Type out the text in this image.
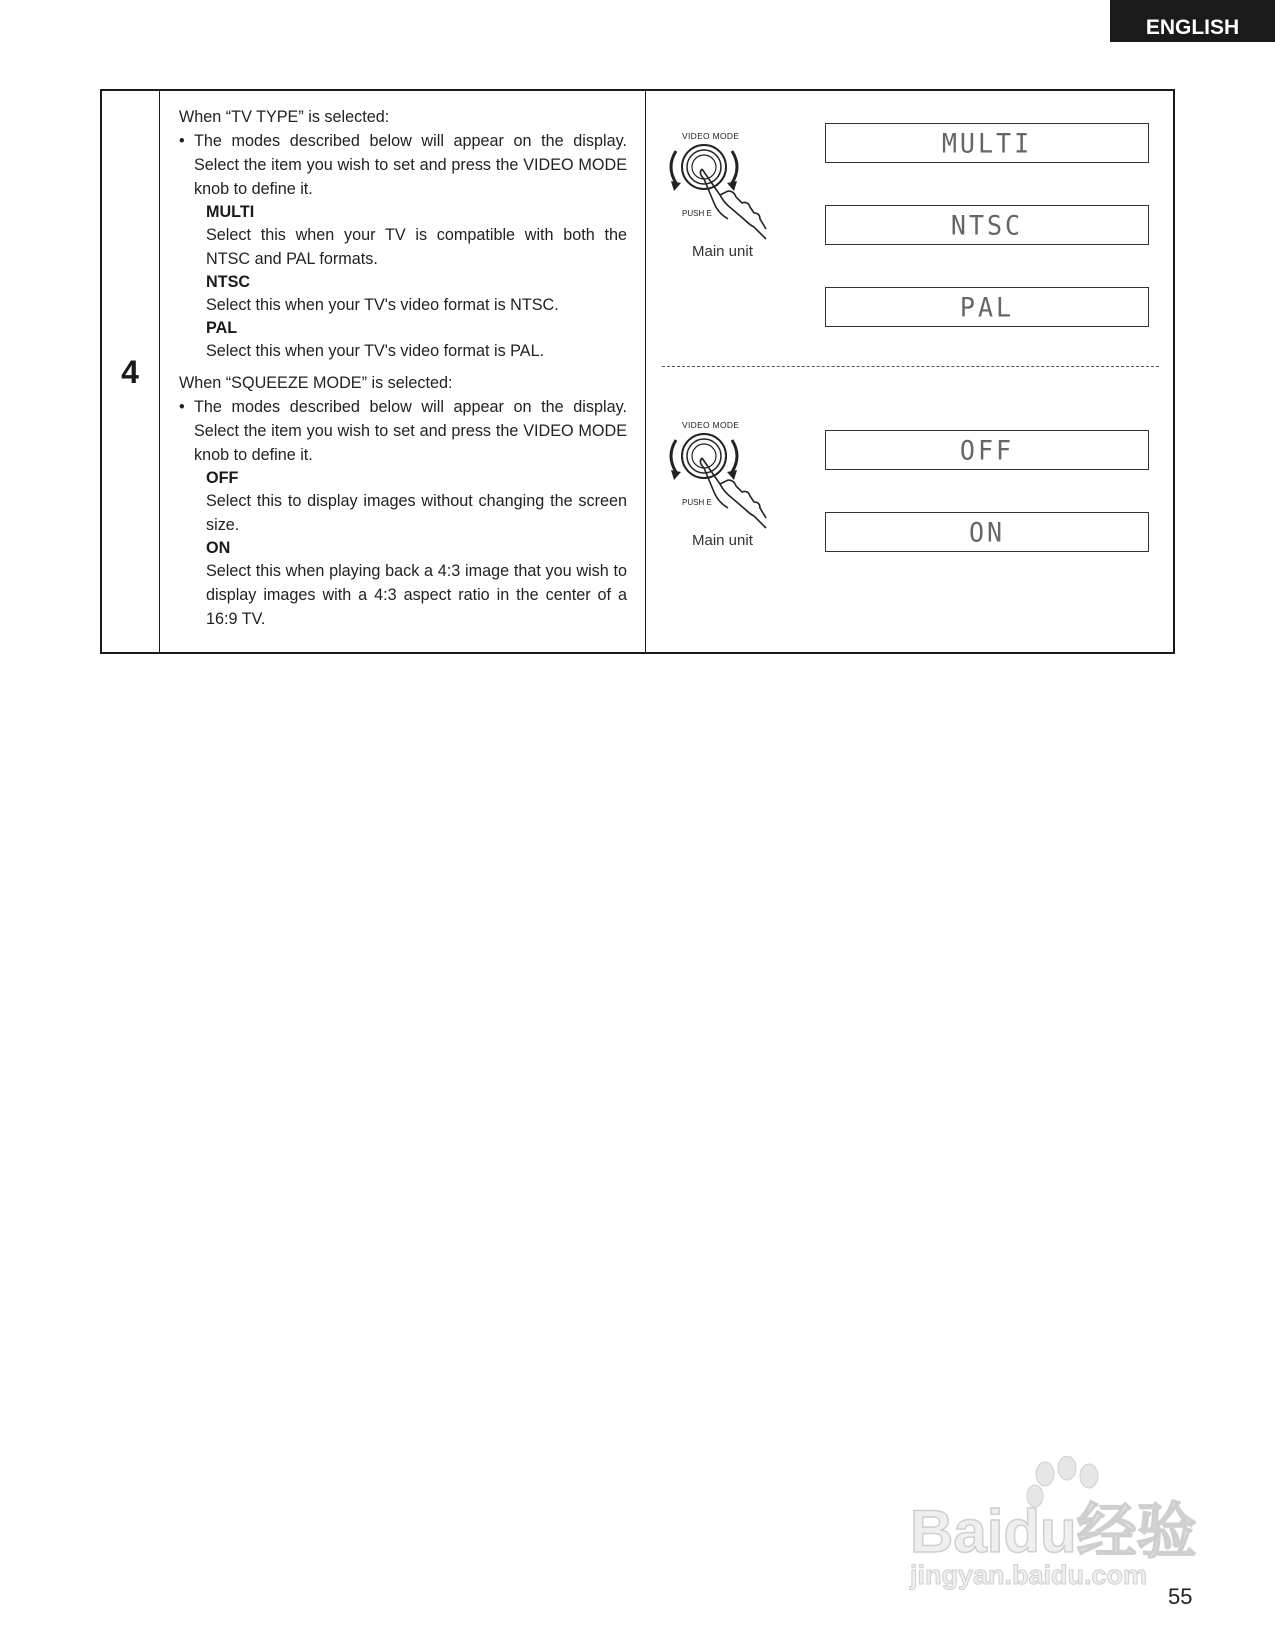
ENGLISH
4

When “TV TYPE” is selected:

• The modes described below will appear on the display. Select the item you wish to set and press the VIDEO MODE knob to define it.

MULTI

Select this when your TV is compatible with both the NTSC and PAL formats.

NTSC

Select this when your TV's video format is NTSC.

PAL

Select this when your TV's video format is PAL.

When “SQUEEZE MODE” is selected:

• The modes described below will appear on the display. Select the item you wish to set and press the VIDEO MODE knob to define it.

OFF

Select this to display images without changing the screen size.

ON

Select this when playing back a 4:3 image that you wish to display images with a 4:3 aspect ratio in the center of a 16:9 TV.

VIDEO MODE
PUSH E
Main unit
MULTI
NTSC
PAL
VIDEO MODE
PUSH E
Main unit
OFF
ON
Baidu经验
jingyan.baidu.com
55
